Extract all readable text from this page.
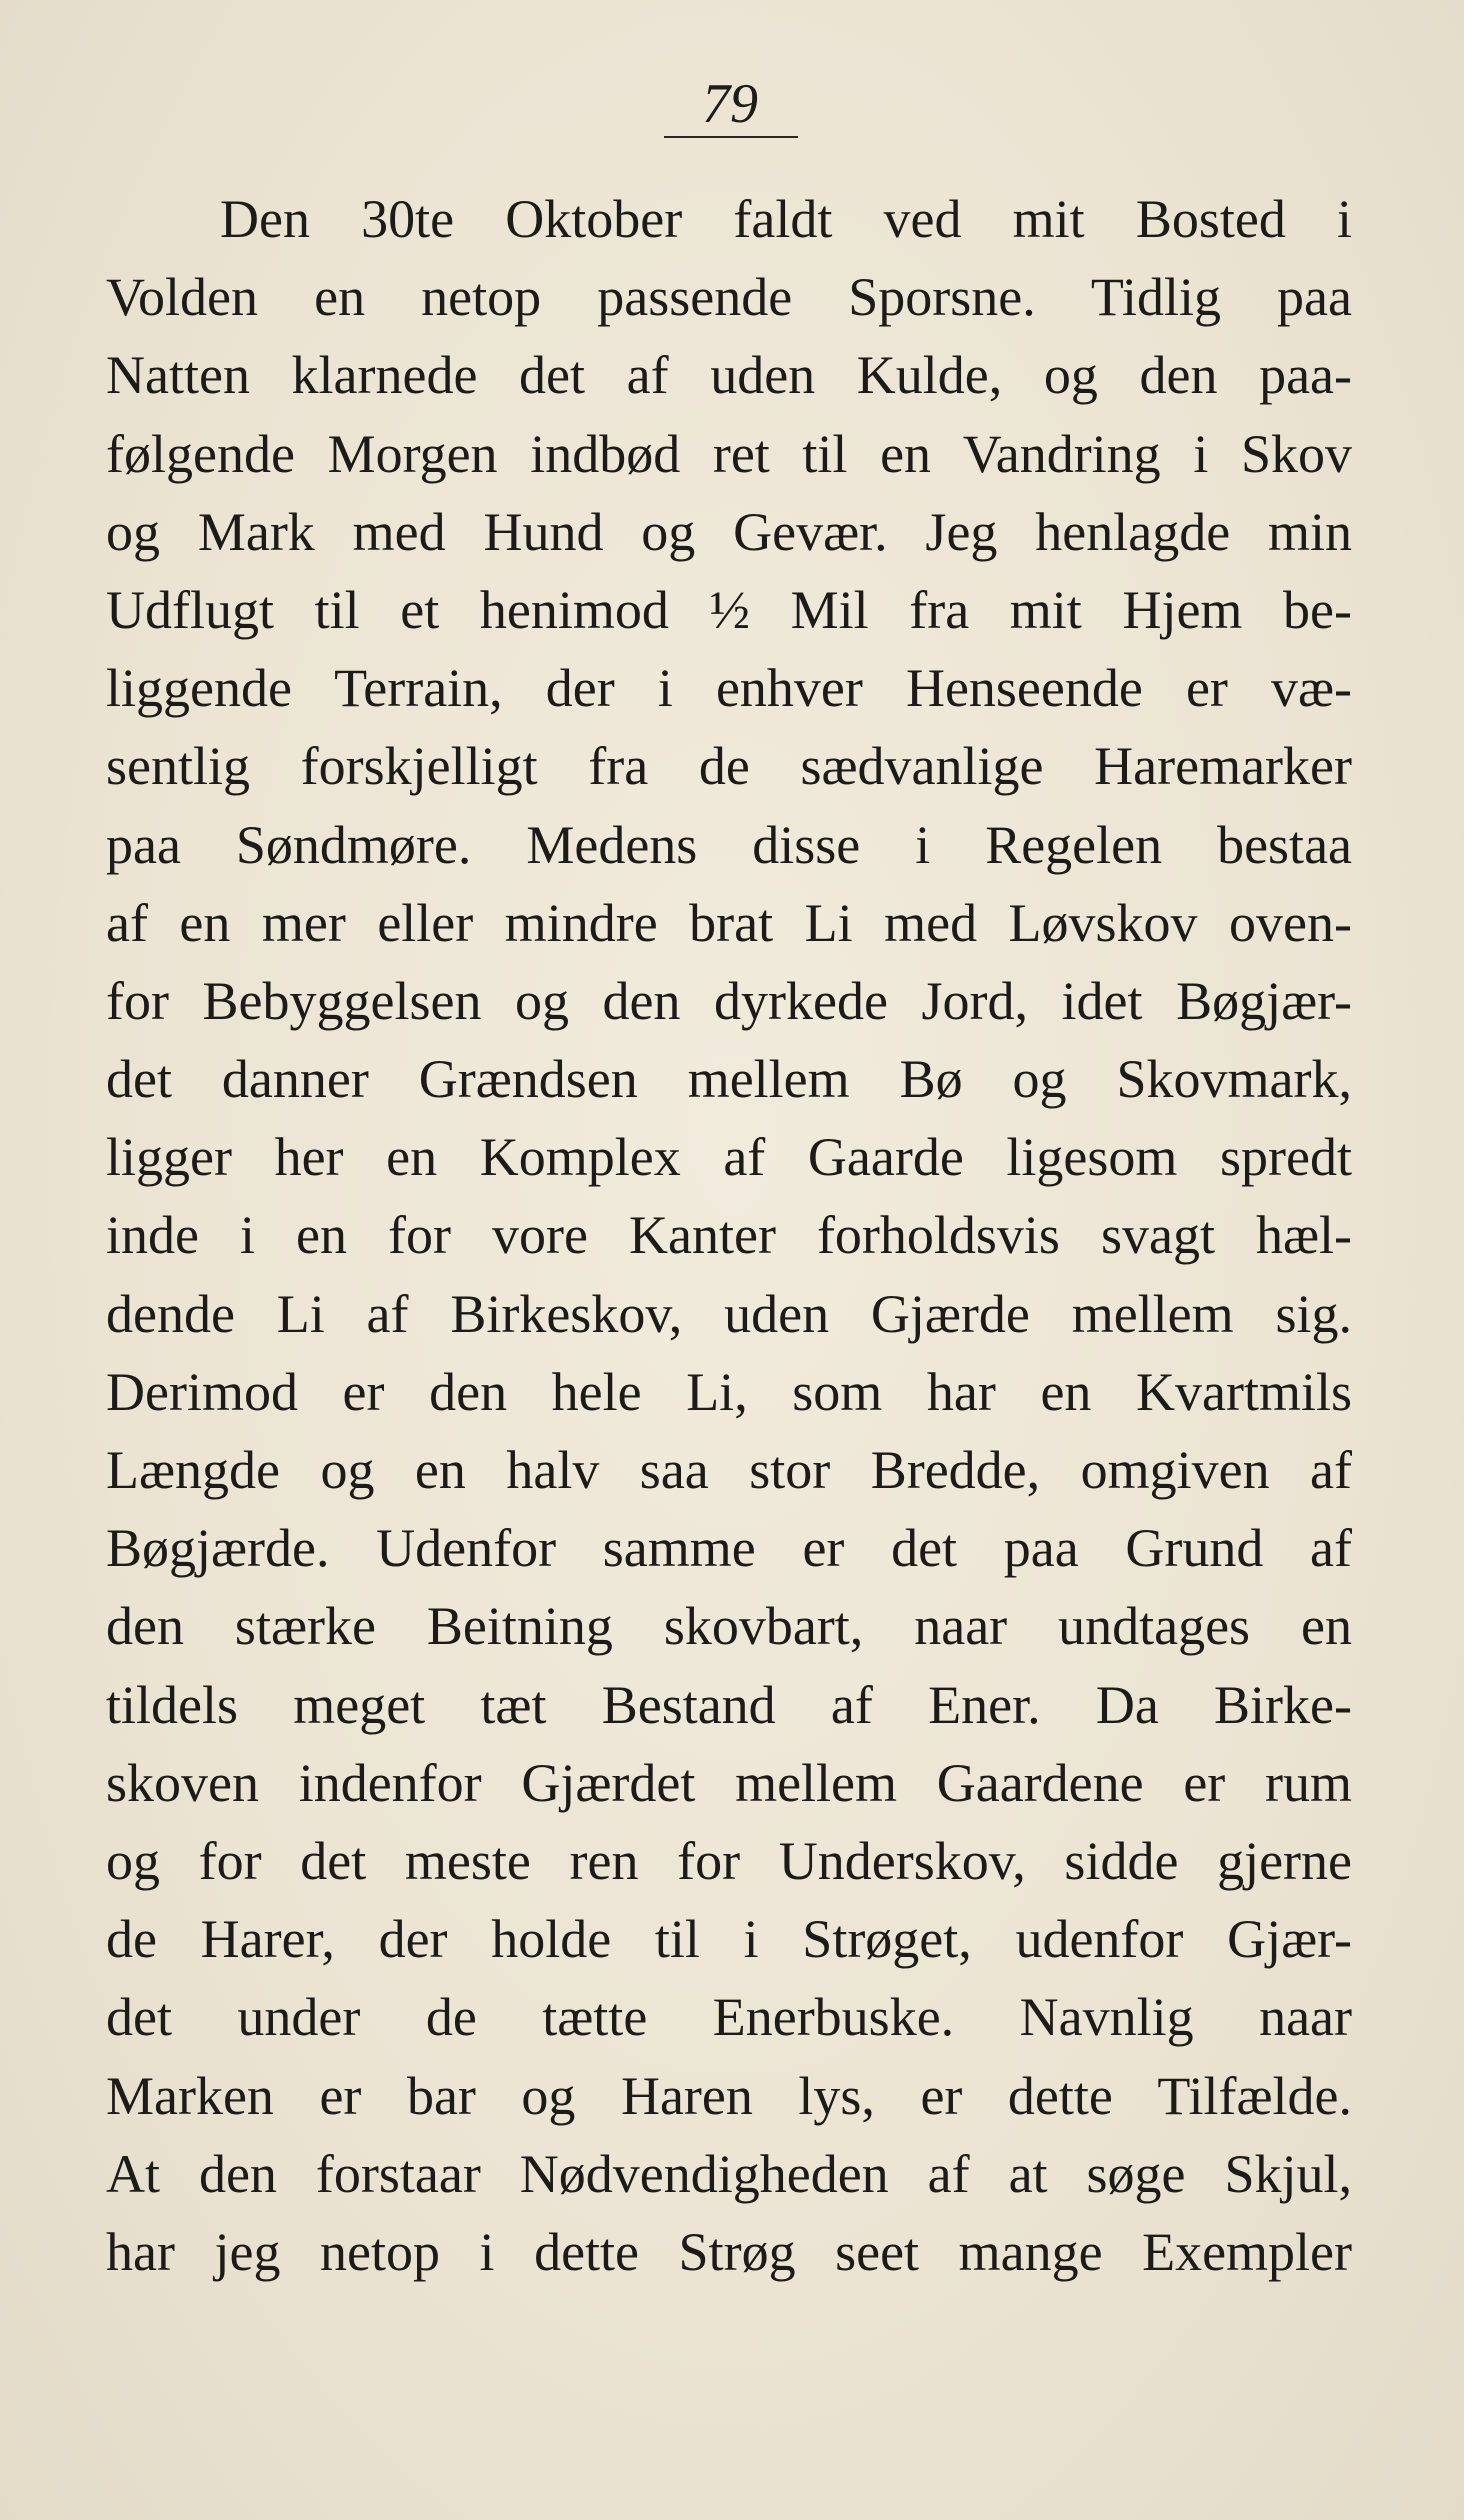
79
Den 30te Oktober faldt ved mit Bosted i
Volden en netop passende Sporsne. Tidlig paa
Natten klarnede det af uden Kulde, og den paa-
følgende Morgen indbød ret til en Vandring i Skov
og Mark med Hund og Gevær. Jeg henlagde min
Udflugt til et henimod ½ Mil fra mit Hjem be-
liggende Terrain, der i enhver Henseende er væ-
sentlig forskjelligt fra de sædvanlige Haremarker
paa Søndmøre. Medens disse i Regelen bestaa
af en mer eller mindre brat Li med Løvskov oven-
for Bebyggelsen og den dyrkede Jord, idet Bøgjær-
det danner Grændsen mellem Bø og Skovmark,
ligger her en Komplex af Gaarde ligesom spredt
inde i en for vore Kanter forholdsvis svagt hæl-
dende Li af Birkeskov, uden Gjærde mellem sig.
Derimod er den hele Li, som har en Kvartmils
Længde og en halv saa stor Bredde, omgiven af
Bøgjærde. Udenfor samme er det paa Grund af
den stærke Beitning skovbart, naar undtages en
tildels meget tæt Bestand af Ener. Da Birke-
skoven indenfor Gjærdet mellem Gaardene er rum
og for det meste ren for Underskov, sidde gjerne
de Harer, der holde til i Strøget, udenfor Gjær-
det under de tætte Enerbuske. Navnlig naar
Marken er bar og Haren lys, er dette Tilfælde.
At den forstaar Nødvendigheden af at søge Skjul,
har jeg netop i dette Strøg seet mange Exempler
